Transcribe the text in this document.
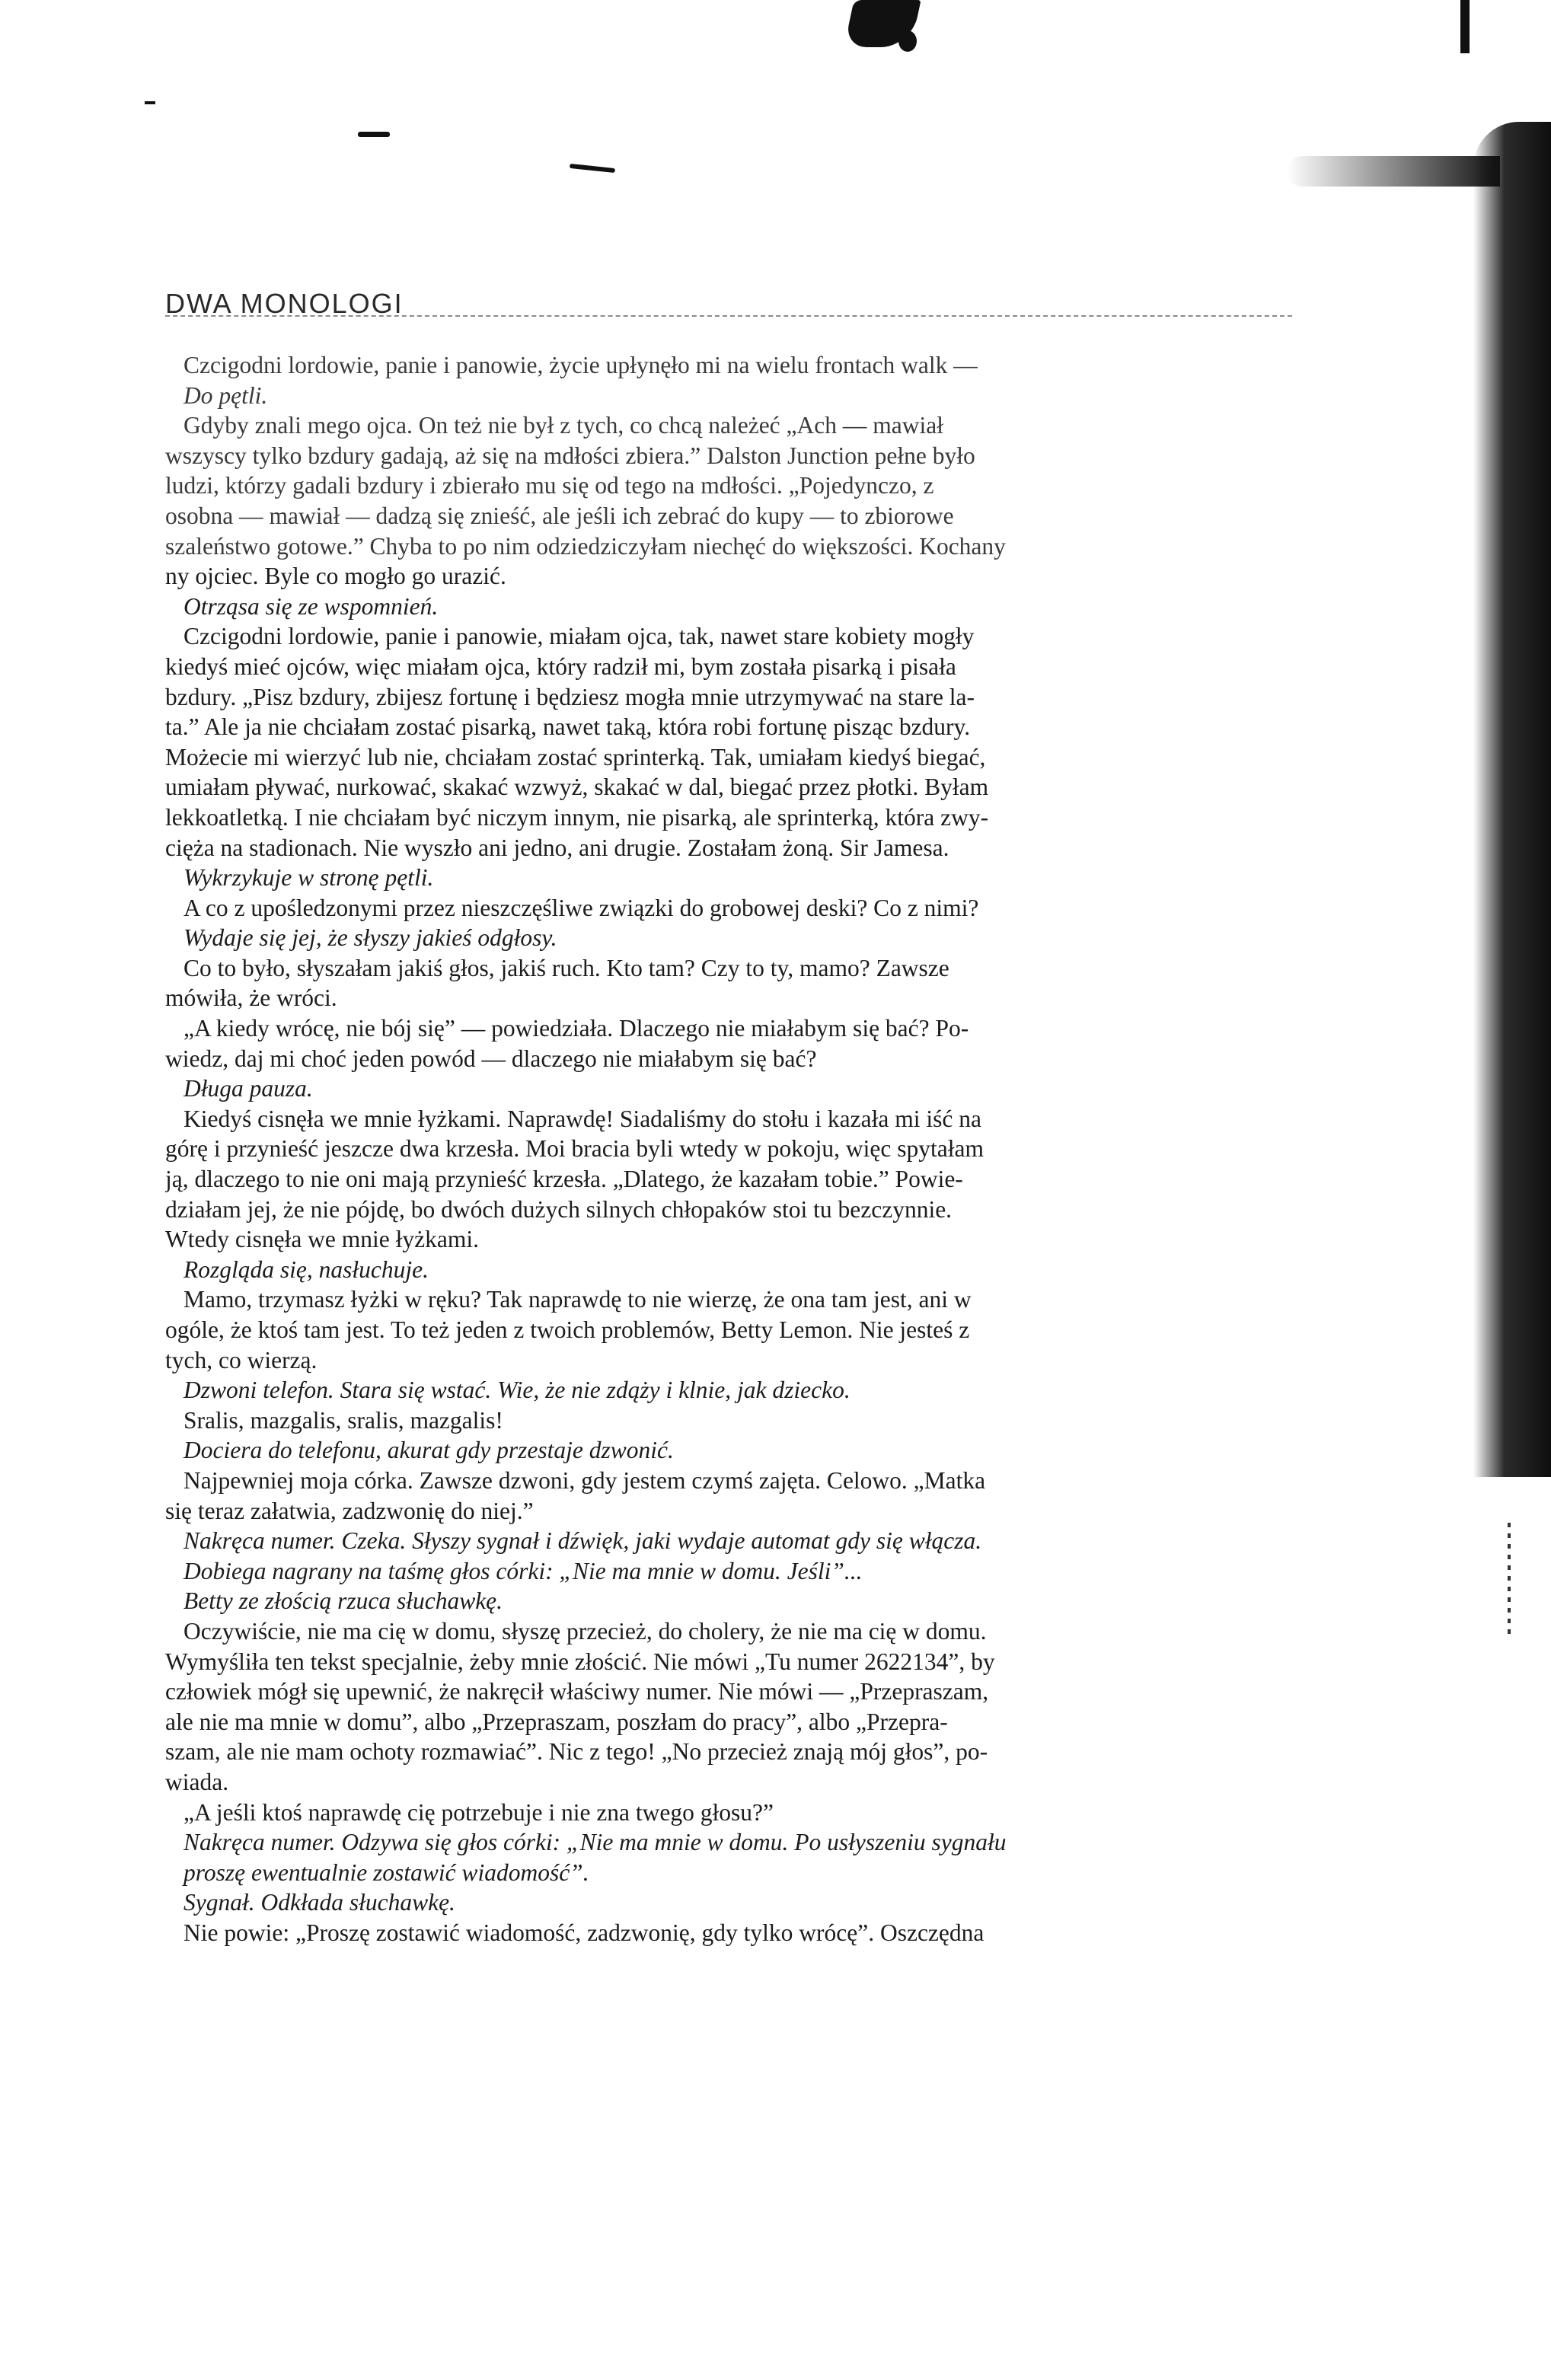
DWA MONOLOGI
Czcigodni lordowie, panie i panowie, życie upłynęło mi na wielu frontach walk —
Do pętli.
Gdyby znali mego ojca. On też nie był z tych, co chcą należeć „Ach — mawiał
wszyscy tylko bzdury gadają, aż się na mdłości zbiera.” Dalston Junction pełne było
ludzi, którzy gadali bzdury i zbierało mu się od tego na mdłości. „Pojedynczo, z
osobna — mawiał — dadzą się znieść, ale jeśli ich zebrać do kupy — to zbiorowe
szaleństwo gotowe.” Chyba to po nim odziedziczyłam niechęć do większości. Kochany
ny ojciec. Byle co mogło go urazić.
Otrząsa się ze wspomnień.
Czcigodni lordowie, panie i panowie, miałam ojca, tak, nawet stare kobiety mogły
kiedyś mieć ojców, więc miałam ojca, który radził mi, bym została pisarką i pisała
bzdury. „Pisz bzdury, zbijesz fortunę i będziesz mogła mnie utrzymywać na stare la-
ta.” Ale ja nie chciałam zostać pisarką, nawet taką, która robi fortunę pisząc bzdury.
Możecie mi wierzyć lub nie, chciałam zostać sprinterką. Tak, umiałam kiedyś biegać,
umiałam pływać, nurkować, skakać wzwyż, skakać w dal, biegać przez płotki. Byłam
lekkoatletką. I nie chciałam być niczym innym, nie pisarką, ale sprinterką, która zwy-
cięża na stadionach. Nie wyszło ani jedno, ani drugie. Zostałam żoną. Sir Jamesa.
Wykrzykuje w stronę pętli.
A co z upośledzonymi przez nieszczęśliwe związki do grobowej deski? Co z nimi?
Wydaje się jej, że słyszy jakieś odgłosy.
Co to było, słyszałam jakiś głos, jakiś ruch. Kto tam? Czy to ty, mamo? Zawsze
mówiła, że wróci.
„A kiedy wrócę, nie bój się” — powiedziała. Dlaczego nie miałabym się bać? Po-
wiedz, daj mi choć jeden powód — dlaczego nie miałabym się bać?
Długa pauza.
Kiedyś cisnęła we mnie łyżkami. Naprawdę! Siadaliśmy do stołu i kazała mi iść na
górę i przynieść jeszcze dwa krzesła. Moi bracia byli wtedy w pokoju, więc spytałam
ją, dlaczego to nie oni mają przynieść krzesła. „Dlatego, że kazałam tobie.” Powie-
działam jej, że nie pójdę, bo dwóch dużych silnych chłopaków stoi tu bezczynnie.
Wtedy cisnęła we mnie łyżkami.
Rozgląda się, nasłuchuje.
Mamo, trzymasz łyżki w ręku? Tak naprawdę to nie wierzę, że ona tam jest, ani w
ogóle, że ktoś tam jest. To też jeden z twoich problemów, Betty Lemon. Nie jesteś z
tych, co wierzą.
Dzwoni telefon. Stara się wstać. Wie, że nie zdąży i klnie, jak dziecko.
Sralis, mazgalis, sralis, mazgalis!
Dociera do telefonu, akurat gdy przestaje dzwonić.
Najpewniej moja córka. Zawsze dzwoni, gdy jestem czymś zajęta. Celowo. „Matka
się teraz załatwia, zadzwonię do niej.”
Nakręca numer. Czeka. Słyszy sygnał i dźwięk, jaki wydaje automat gdy się włącza.
Dobiega nagrany na taśmę głos córki: „Nie ma mnie w domu. Jeśli”...
Betty ze złością rzuca słuchawkę.
Oczywiście, nie ma cię w domu, słyszę przecież, do cholery, że nie ma cię w domu.
Wymyśliła ten tekst specjalnie, żeby mnie złościć. Nie mówi „Tu numer 2622134”, by
człowiek mógł się upewnić, że nakręcił właściwy numer. Nie mówi — „Przepraszam,
ale nie ma mnie w domu”, albo „Przepraszam, poszłam do pracy”, albo „Przepra-
szam, ale nie mam ochoty rozmawiać”. Nic z tego! „No przecież znają mój głos”, po-
wiada.
„A jeśli ktoś naprawdę cię potrzebuje i nie zna twego głosu?”
Nakręca numer. Odzywa się głos córki: „Nie ma mnie w domu. Po usłyszeniu sygnału
proszę ewentualnie zostawić wiadomość”.
Sygnał. Odkłada słuchawkę.
Nie powie: „Proszę zostawić wiadomość, zadzwonię, gdy tylko wrócę”. Oszczędna
